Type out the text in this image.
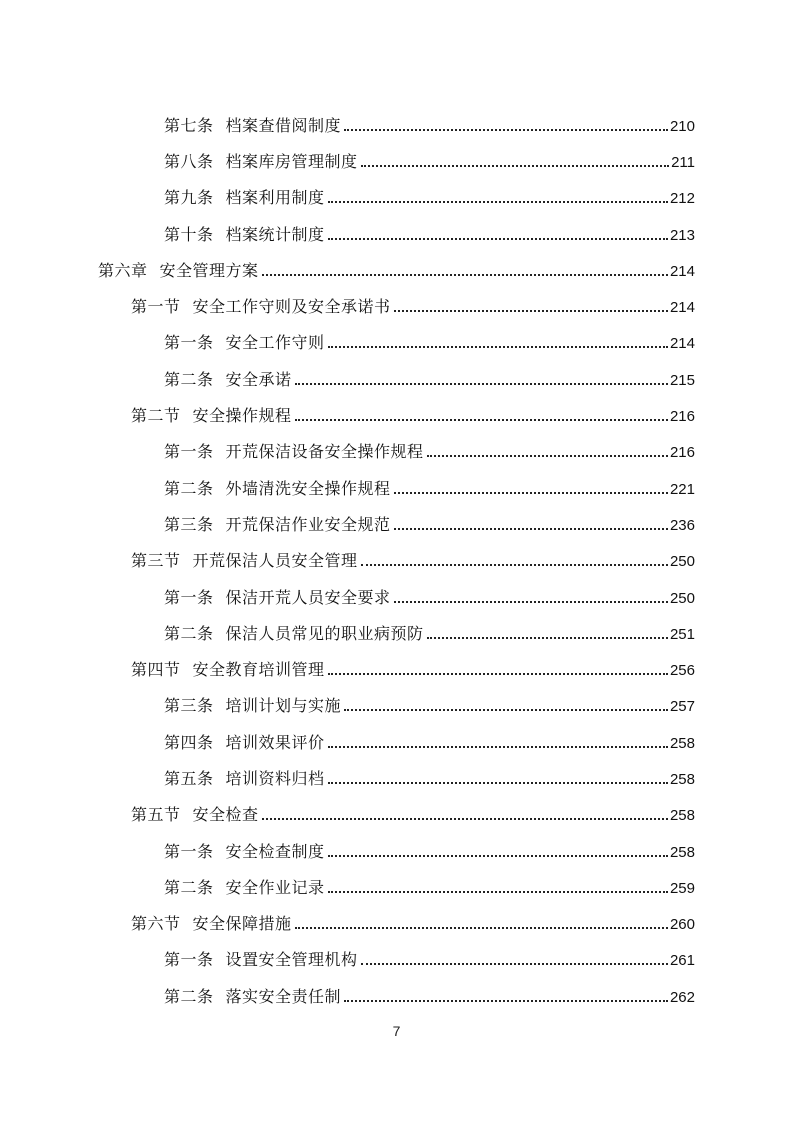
第七条 档案查借阅制度	210
第八条 档案库房管理制度	211
第九条 档案利用制度	212
第十条 档案统计制度	213
第六章 安全管理方案	214
第一节 安全工作守则及安全承诺书	214
第一条 安全工作守则	214
第二条 安全承诺	215
第二节 安全操作规程	216
第一条 开荒保洁设备安全操作规程	216
第二条 外墙清洗安全操作规程	221
第三条 开荒保洁作业安全规范	236
第三节 开荒保洁人员安全管理	250
第一条 保洁开荒人员安全要求	250
第二条 保洁人员常见的职业病预防	251
第四节 安全教育培训管理	256
第三条 培训计划与实施	257
第四条 培训效果评价	258
第五条 培训资料归档	258
第五节 安全检查	258
第一条 安全检查制度	258
第二条 安全作业记录	259
第六节 安全保障措施	260
第一条 设置安全管理机构	261
第二条 落实安全责任制	262
7
